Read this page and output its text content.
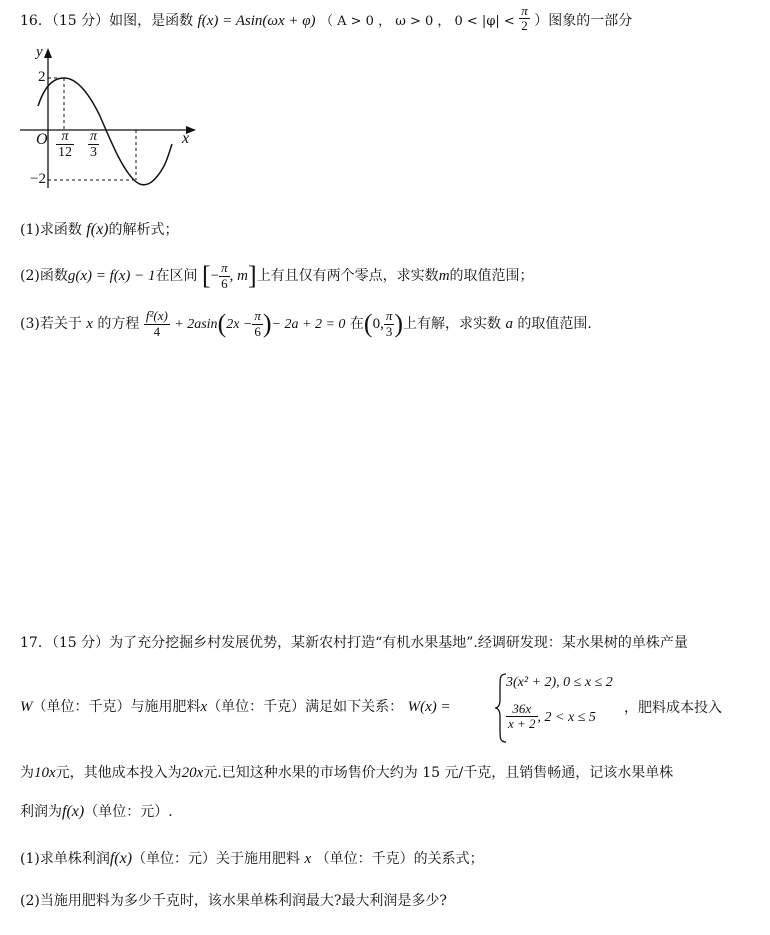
16．（15 分）如图，是函数 f(x) = Asin(ωx + φ) （ A > 0 ， ω > 0 ， $0 < |\varphi| < \frac{\pi}{2}$ ）图象的一部分
y
x
O
2
−2
$\frac{\pi}{12} \frac{\pi}{3}$
(1)求函数 f(x)的解析式；
(2)函数g(x) = f(x) − 1在区间 [− $\frac{\pi}{6}$ , m]上有且仅有两个零点，求实数m的取值范围；
(3)若关于 x 的方程 $\frac{\text{f²(x)}}{4} + 2asin(2x - \frac{\pi}{6}$ )− 2a + 2 = 0 在(0, $\frac{\pi}{3}$ )上有解，求实数 a 的取值范围.
17．（15 分）为了充分挖掘乡村发展优势，某新农村打造“有机水果基地”.经调研发现：某水果树的单株产量
W（单位：千克）与施用肥料x（单位：千克）满足如下关系： W(x) =
3(x² + 2), 0 ≤ x ≤ 2
$\frac{36x}{x + 2}$ , 2 < x ≤ 5
，肥料成本投入
为10x元，其他成本投入为20x元.已知这种水果的市场售价大约为 15 元/千克，且销售畅通，记该水果单株
利润为f(x)（单位：元）.
(1)求单株利润f(x)（单位：元）关于施用肥料 x （单位：千克）的关系式；
(2)当施用肥料为多少千克时，该水果单株利润最大?最大利润是多少?
